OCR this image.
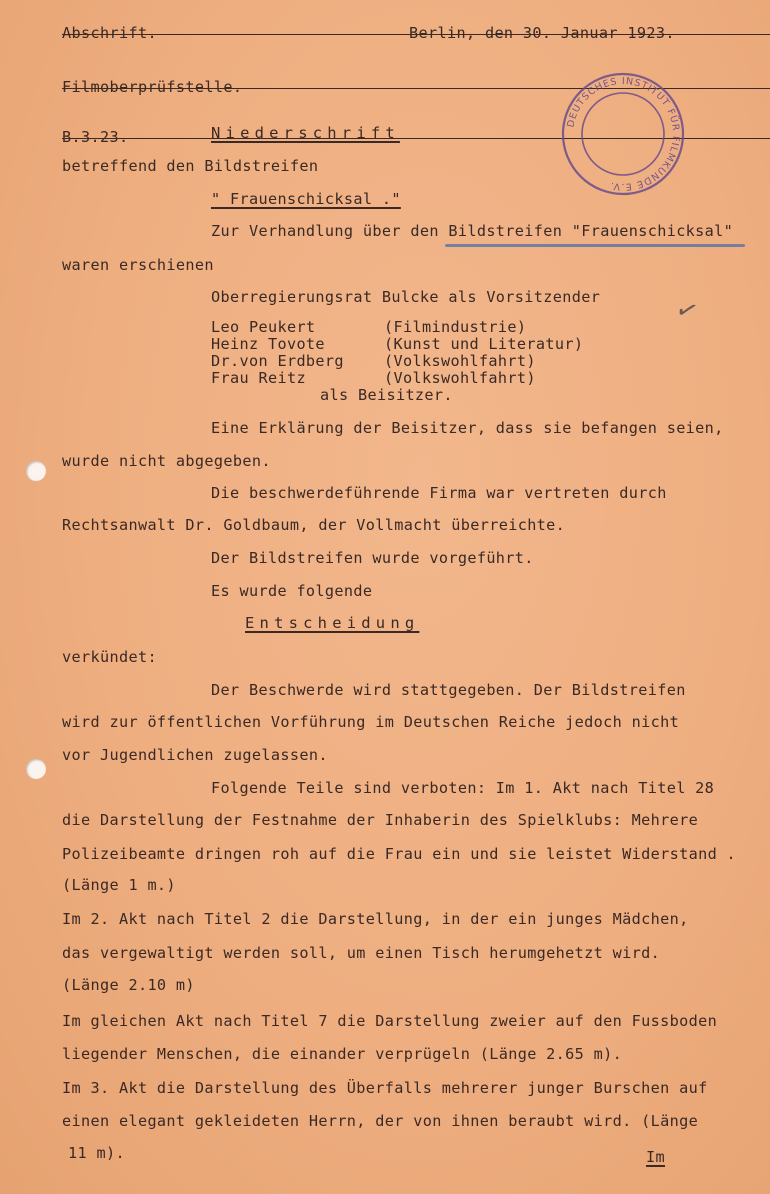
Abschrift.
Filmoberprüfstelle.
B.3.23.
Berlin, den 30. Januar 1923.
DEUTSCHES INSTITUT FÜR FILMKUNDE E.V.
Niederschrift
betreffend den Bildstreifen
" Frauenschicksal ."
Zur Verhandlung über den Bildstreifen "Frauenschicksal"
waren erschienen
Oberregierungsrat Bulcke als Vorsitzender	✓
Leo Peukert	(Filmindustrie)
Heinz Tovote	(Kunst und Literatur)
Dr.von Erdberg	(Volkswohlfahrt)
Frau Reitz	(Volkswohlfahrt)
als Beisitzer.
Eine Erklärung der Beisitzer, dass sie befangen seien,
wurde nicht abgegeben.
Die beschwerdeführende Firma war vertreten durch
Rechtsanwalt Dr. Goldbaum, der Vollmacht überreichte.
Der Bildstreifen wurde vorgeführt.
Es wurde folgende
Entscheidung
verkündet:
Der Beschwerde wird stattgegeben. Der Bildstreifen
wird zur öffentlichen Vorführung im Deutschen Reiche jedoch nicht
vor Jugendlichen zugelassen.
Folgende Teile sind verboten: Im 1. Akt nach Titel 28
die Darstellung der Festnahme der Inhaberin des Spielklubs: Mehrere
Polizeibeamte dringen roh auf die Frau ein und sie leistet Widerstand .
(Länge 1 m.)
Im 2. Akt nach Titel 2 die Darstellung, in der ein junges Mädchen,
das vergewaltigt werden soll, um einen Tisch herumgehetzt wird.
(Länge 2.10 m)
Im gleichen Akt nach Titel 7 die Darstellung zweier auf den Fussboden
liegender Menschen, die einander verprügeln (Länge 2.65 m).
Im 3. Akt die Darstellung des Überfalls mehrerer junger Burschen auf
einen elegant gekleideten Herrn, der von ihnen beraubt wird. (Länge
11 m).	Im
